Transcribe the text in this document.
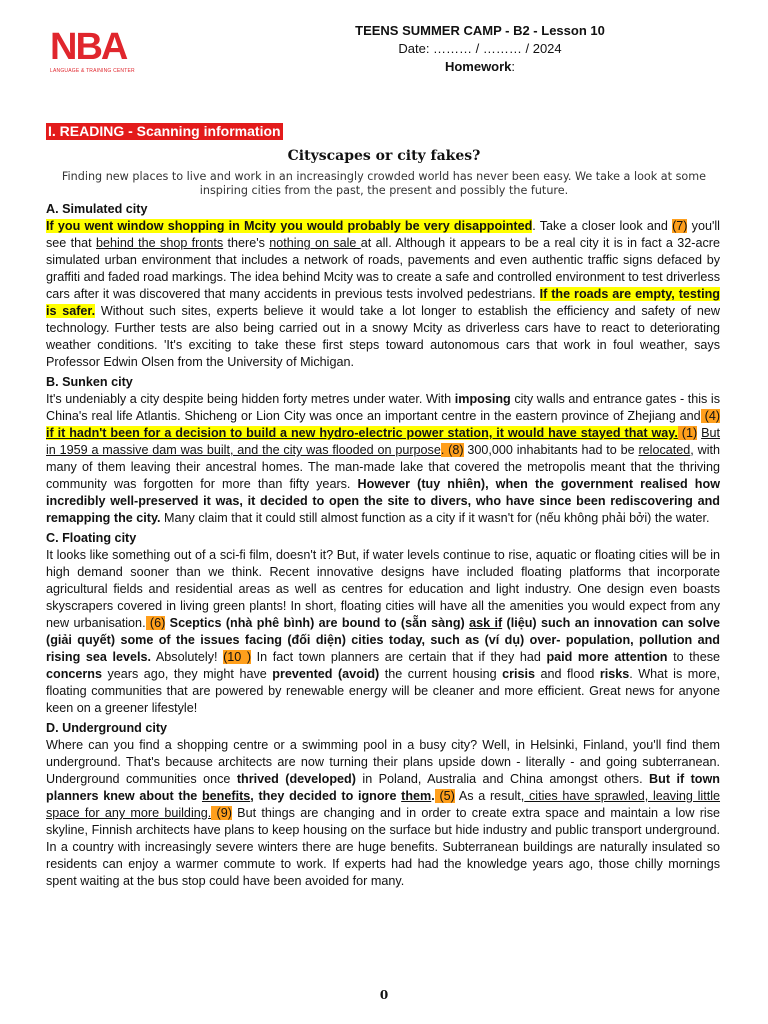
NBA
LANGUAGE & TRAINING CENTER
TEENS SUMMER CAMP - B2 - Lesson 10
Date: ……… / ……… / 2024
Homework:
I. READING - Scanning information
Cityscapes or city fakes?
Finding new places to live and work in an increasingly crowded world has never been easy. We take a look at some inspiring cities from the past, the present and possibly the future.
A. Simulated city

If you went window shopping in Mcity you would probably be very disappointed. Take a closer look and (7) you'll see that behind the shop fronts there's nothing on sale at all. Although it appears to be a real city it is in fact a 32-acre simulated urban environment that includes a network of roads, pavements and even authentic traffic signs defaced by graffiti and faded road markings. The idea behind Mcity was to create a safe and controlled environment to test driverless cars after it was discovered that many accidents in previous tests involved pedestrians. If the roads are empty, testing is safer. Without such sites, experts believe it would take a lot longer to establish the efficiency and safety of new technology. Further tests are also being carried out in a snowy Mcity as driverless cars have to react to deteriorating weather conditions. 'It's exciting to take these first steps toward autonomous cars that work in foul weather, says Professor Edwin Olsen from the University of Michigan.

B. Sunken city

It's undeniably a city despite being hidden forty metres under water. With imposing city walls and entrance gates - this is China's real life Atlantis. Shicheng or Lion City was once an important centre in the eastern province of Zhejiang and (4) if it hadn't been for a decision to build a new hydro-electric power station, it would have stayed that way. (1) But in 1959 a massive dam was built, and the city was flooded on purpose. (8) 300,000 inhabitants had to be relocated, with many of them leaving their ancestral homes. The man-made lake that covered the metropolis meant that the thriving community was forgotten for more than fifty years. However (tuy nhiên), when the government realised how incredibly well-preserved it was, it decided to open the site to divers, who have since been rediscovering and remapping the city. Many claim that it could still almost function as a city if it wasn't for (nếu không phải bởi) the water.

C. Floating city

It looks like something out of a sci-fi film, doesn't it? But, if water levels continue to rise, aquatic or floating cities will be in high demand sooner than we think. Recent innovative designs have included floating platforms that incorporate agricultural fields and residential areas as well as centres for education and light industry. One design even boasts skyscrapers covered in living green plants! In short, floating cities will have all the amenities you would expect from any new urbanisation. (6) Sceptics (nhà phê bình) are bound to (sẵn sàng) ask if (liệu) such an innovation can solve (giải quyết) some of the issues facing (đối diện) cities today, such as (ví dụ) over- population, pollution and rising sea levels. Absolutely! (10 ) In fact town planners are certain that if they had paid more attention to these concerns years ago, they might have prevented (avoid) the current housing crisis and flood risks. What is more, floating communities that are powered by renewable energy will be cleaner and more efficient. Great news for anyone keen on a greener lifestyle!

D. Underground city

Where can you find a shopping centre or a swimming pool in a busy city? Well, in Helsinki, Finland, you'll find them underground. That's because architects are now turning their plans upside down - literally - and going subterranean. Underground communities once thrived (developed) in Poland, Australia and China amongst others. But if town planners knew about the benefits, they decided to ignore them. (5) As a result, cities have sprawled, leaving little space for any more building. (9) But things are changing and in order to create extra space and maintain a low rise skyline, Finnish architects have plans to keep housing on the surface but hide industry and public transport underground. In a country with increasingly severe winters there are huge benefits. Subterranean buildings are naturally insulated so residents can enjoy a warmer commute to work. If experts had had the knowledge years ago, those chilly mornings spent waiting at the bus stop could have been avoided for many.

0
